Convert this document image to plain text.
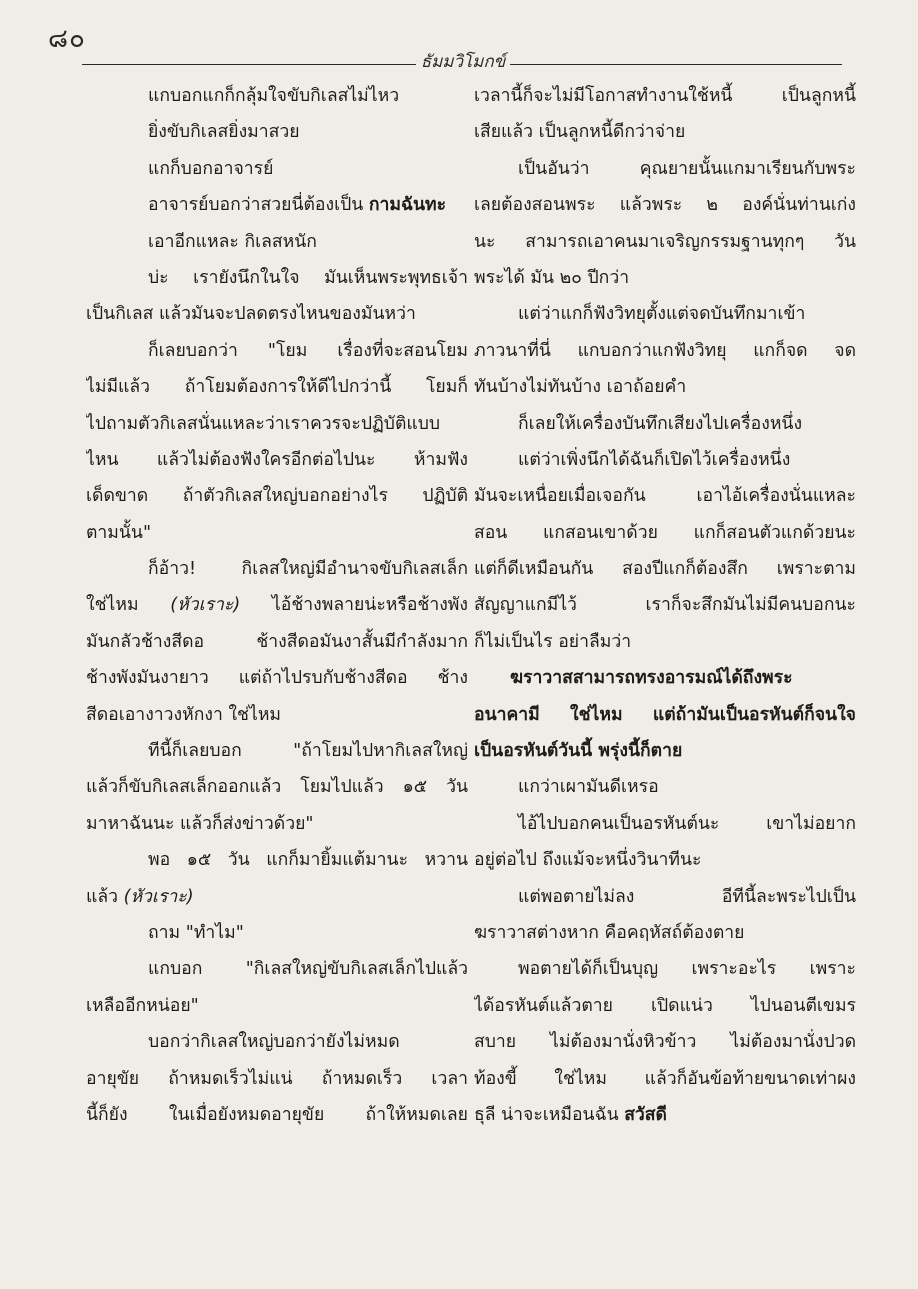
๘๐
ธัมมวิโมกข์
แกบอกแกก็กลุ้มใจขับกิเลสไม่ไหว
ยิ่งขับกิเลสยิ่งมาสวย
แกก็บอกอาจารย์
อาจารย์บอกว่าสวยนี่ต้องเป็น กามฉันทะ
เอาอีกแหละ กิเลสหนัก
บ่ะ เรายังนึกในใจ มันเห็นพระพุทธเจ้า
เป็นกิเลส แล้วมันจะปลดตรงไหนของมันหว่า
ก็เลยบอกว่า "โยม เรื่องที่จะสอนโยม
ไม่มีแล้ว ถ้าโยมต้องการให้ดีไปกว่านี้ โยมก็
ไปถามตัวกิเลสนั่นแหละว่าเราควรจะปฏิบัติแบบ
ไหน แล้วไม่ต้องฟังใครอีกต่อไปนะ ห้ามฟัง
เด็ดขาด ถ้าตัวกิเลสใหญ่บอกอย่างไร ปฏิบัติ
ตามนั้น"
ก็อ้าว! กิเลสใหญ่มีอำนาจขับกิเลสเล็ก
ใช่ไหม (หัวเราะ) ไอ้ช้างพลายน่ะหรือช้างพัง
มันกลัวช้างสีดอ ช้างสีดอมันงาสั้นมีกำลังมาก
ช้างพังมันงายาว แต่ถ้าไปรบกับช้างสีดอ ช้าง
สีดอเอางาวงหักงา ใช่ไหม
ทีนี้ก็เลยบอก "ถ้าโยมไปหากิเลสใหญ่
แล้วก็ขับกิเลสเล็กออกแล้ว โยมไปแล้ว ๑๕ วัน
มาหาฉันนะ แล้วก็ส่งข่าวด้วย"
พอ ๑๕ วัน แกก็มายิ้มแต้มานะ หวาน
แล้ว (หัวเราะ)
ถาม "ทำไม"
แกบอก "กิเลสใหญ่ขับกิเลสเล็กไปแล้ว
เหลืออีกหน่อย"
บอกว่ากิเลสใหญ่บอกว่ายังไม่หมด
อายุขัย ถ้าหมดเร็วไม่แน่ ถ้าหมดเร็ว เวลา
นี้ก็ยัง ในเมื่อยังหมดอายุขัย ถ้าให้หมดเลย
เวลานี้ก็จะไม่มีโอกาสทำงานใช้หนี้ เป็นลูกหนี้
เสียแล้ว เป็นลูกหนี้ดีกว่าจ่าย
เป็นอันว่า คุณยายนั้นแกมาเรียนกับพระ
เลยต้องสอนพระ แล้วพระ ๒ องค์นั่นท่านเก่ง
นะ สามารถเอาคนมาเจริญกรรมฐานทุกๆ วัน
พระได้ มัน ๒๐ ปีกว่า
แต่ว่าแกก็ฟังวิทยุตั้งแต่จดบันทึกมาเข้า
ภาวนาที่นี่ แกบอกว่าแกฟังวิทยุ แกก็จด จด
ทันบ้างไม่ทันบ้าง เอาถ้อยคำ
ก็เลยให้เครื่องบันทึกเสียงไปเครื่องหนึ่ง
แต่ว่าเพิ่งนึกได้ฉันก็เปิดไว้เครื่องหนึ่ง
มันจะเหนื่อยเมื่อเจอกัน เอาไอ้เครื่องนั่นแหละ
สอน แกสอนเขาด้วย แกก็สอนตัวแกด้วยนะ
แต่ก็ดีเหมือนกัน สองปีแกก็ต้องสึก เพราะตาม
สัญญาแกมีไว้ เราก็จะสึกมันไม่มีคนบอกนะ
ก็ไม่เป็นไร อย่าลืมว่า
ฆราวาสสามารถทรงอารมณ์ได้ถึงพระ
อนาคามี ใช่ไหม แต่ถ้ามันเป็นอรหันต์ก็จนใจ
เป็นอรหันต์วันนี้ พรุ่งนี้ก็ตาย
แกว่าเผามันดีเหรอ
ไอ้ไปบอกคนเป็นอรหันต์นะ เขาไม่อยาก
อยู่ต่อไป ถึงแม้จะหนึ่งวินาทีนะ
แต่พอตายไม่ลง อีทีนี้ละพระไปเป็น
ฆราวาสต่างหาก คือคฤหัสถ์ต้องตาย
พอตายได้ก็เป็นบุญ เพราะอะไร เพราะ
ได้อรหันต์แล้วตาย เปิดแน่ว ไปนอนตีเขมร
สบาย ไม่ต้องมานั่งหิวข้าว ไม่ต้องมานั่งปวด
ท้องขี้ ใช่ไหม แล้วก็อันข้อท้ายขนาดเท่าผง
ธุลี น่าจะเหมือนฉัน สวัสดี
